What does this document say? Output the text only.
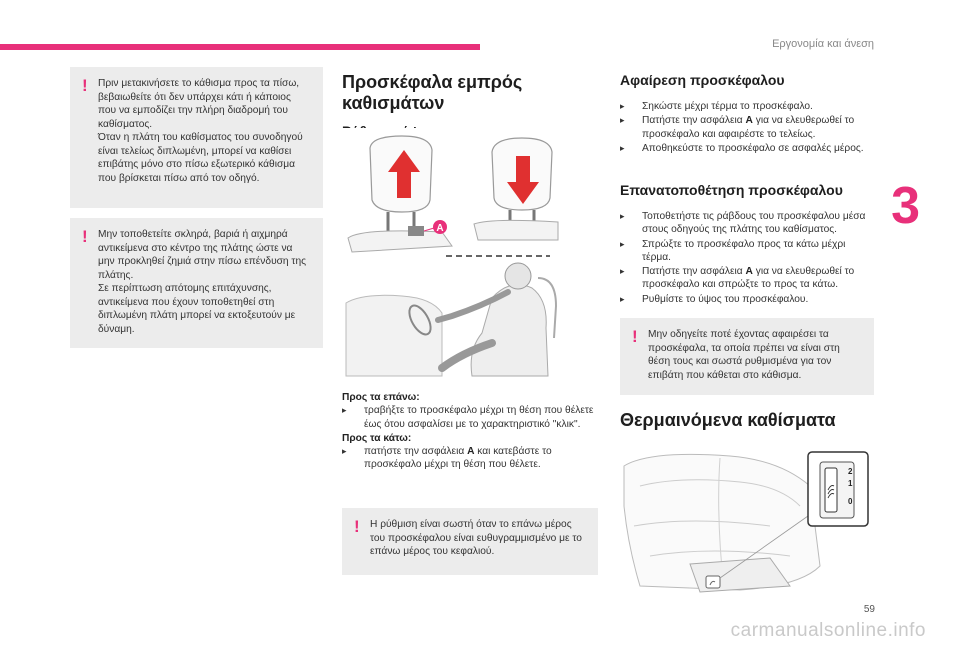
Εργονομία και άνεση
3
! Πριν μετακινήσετε το κάθισμα προς τα πίσω, βεβαιωθείτε ότι δεν υπάρχει κάτι ή κάποιος που να εμποδίζει την πλήρη διαδρομή του καθίσματος.
Όταν η πλάτη του καθίσματος του συνοδηγού είναι τελείως διπλωμένη, μπορεί να καθίσει επιβάτης μόνο στο πίσω εξωτερικό κάθισμα που βρίσκεται πίσω από τον οδηγό.

! Μην τοποθετείτε σκληρά, βαριά ή αιχμηρά αντικείμενα στο κέντρο της πλάτης ώστε να μην προκληθεί ζημιά στην πίσω επένδυση της πλάτης.
Σε περίπτωση απότομης επιτάχυνσης, αντικείμενα που έχουν τοποθετηθεί στη διπλωμένη πλάτη μπορεί να εκτοξευτούν με δύναμη.

Προσκέφαλα εμπρός καθισμάτων
A
Προς τα επάνω:
▸ τραβήξτε το προσκέφαλο μέχρι τη θέση που θέλετε έως ότου ασφαλίσει με το χαρακτηριστικό "κλικ".
Προς τα κάτω:
▸ πατήστε την ασφάλεια A και κατεβάστε το προσκέφαλο μέχρι τη θέση που θέλετε.
! Η ρύθμιση είναι σωστή όταν το επάνω μέρος του προσκέφαλου είναι ευθυγραμμισμένο με το επάνω μέρος του κεφαλιού.

Αφαίρεση προσκέφαλου
▸ Σηκώστε μέχρι τέρμα το προσκέφαλο.
▸ Πατήστε την ασφάλεια A για να ελευθερωθεί το προσκέφαλο και αφαιρέστε το τελείως.
▸ Αποθηκεύστε το προσκέφαλο σε ασφαλές μέρος.
Επανατοποθέτηση προσκέφαλου
▸ Τοποθετήστε τις ράβδους του προσκέφαλου μέσα στους οδηγούς της πλάτης του καθίσματος.
▸ Σπρώξτε το προσκέφαλο προς τα κάτω μέχρι τέρμα.
▸ Πατήστε την ασφάλεια A για να ελευθερωθεί το προσκέφαλο και σπρώξτε το προς τα κάτω.
▸ Ρυθμίστε το ύψος του προσκέφαλου.
! Μην οδηγείτε ποτέ έχοντας αφαιρέσει τα προσκέφαλα, τα οποία πρέπει να είναι στη θέση τους και σωστά ρυθμισμένα για τον επιβάτη που κάθεται στο κάθισμα.

Θερμαινόμενα καθίσματα
2
1
0
59
carmanualsonline.info
